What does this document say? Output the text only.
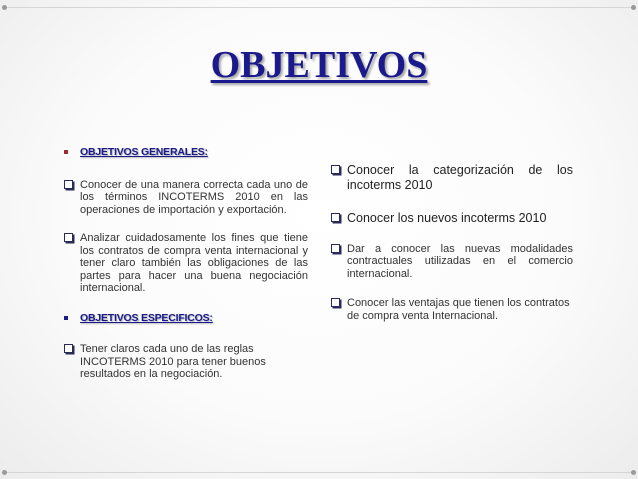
OBJETIVOS
OBJETIVOS GENERALES:
Conocer de una manera correcta cada uno de los términos INCOTERMS 2010 en las operaciones de importación y exportación.
Analizar cuidadosamente los fines que tiene los contratos de compra venta internacional y tener claro también las obligaciones de las partes para hacer una buena negociación internacional.
OBJETIVOS ESPECIFICOS:
Tener claros cada uno de las reglas INCOTERMS 2010 para tener buenos resultados en la negociación.
Conocer la categorización de los incoterms 2010
Conocer los nuevos incoterms 2010
Dar a conocer las nuevas modalidades contractuales utilizadas en el comercio internacional.
Conocer las ventajas que tienen los contratos de compra venta Internacional.
